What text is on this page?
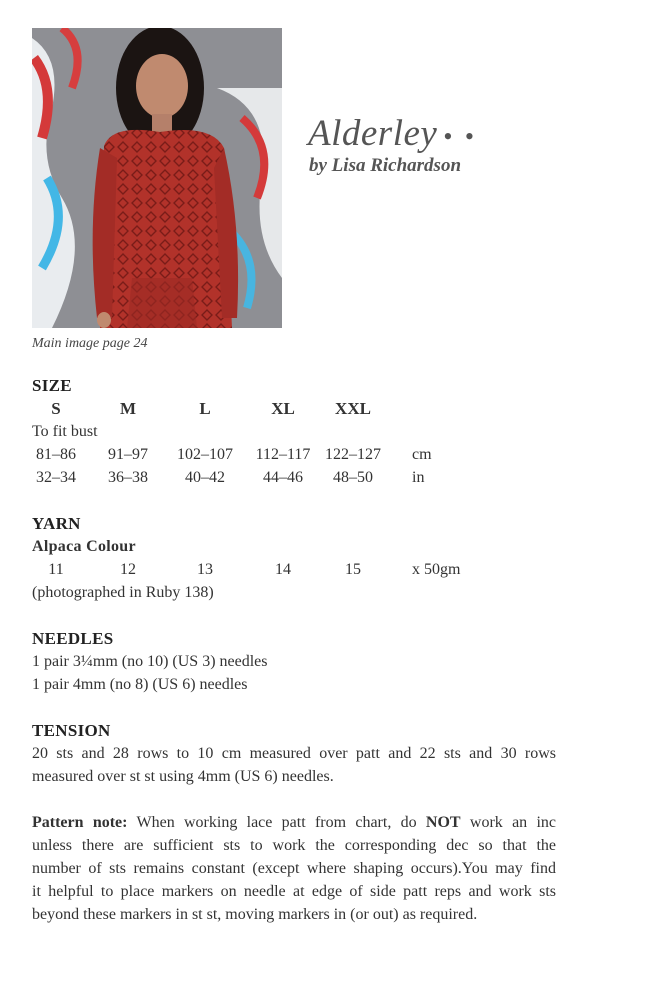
Main image page 24
Alderley • •
by Lisa Richardson
SIZE
S	M	L	XL	XXL
To fit bust
81–86	91–97	102–107	112–117 122–127	cm
32–34	36–38	40–42	44–46	48–50	in
YARN
Alpaca Colour
11	12	13	14	15	x 50gm
(photographed in Ruby 138)
NEEDLES
1 pair 3¼mm (no 10) (US 3) needles
1 pair 4mm (no 8) (US 6) needles
TENSION
20 sts and 28 rows to 10 cm measured over patt and 22 sts and 30 rows
measured over st st using 4mm (US 6) needles.
Pattern note: When working lace patt from chart, do NOT work an inc
unless there are sufficient sts to work the corresponding dec so that the
number of sts remains constant (except where shaping occurs).You may find
it helpful to place markers on needle at edge of side patt reps and work sts
beyond these markers in st st, moving markers in (or out) as required.
